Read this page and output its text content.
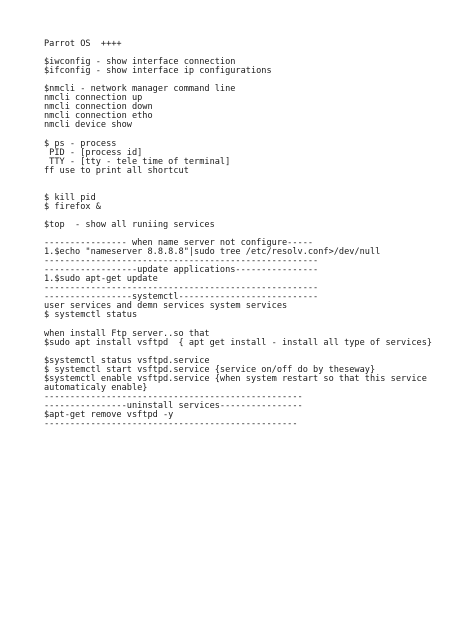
Parrot OS  ++++
$iwconfig - show interface connection
$ifconfig - show interface ip configurations
$nmcli - network manager command line
nmcli connection up
nmcli connection down
nmcli connection etho
nmcli device show
$ ps - process
PID - [process id]
TTY - [tty - tele time of terminal]
ff use to print all shortcut
$ kill pid
$ firefox &
$top  - show all runiing services
---------------- when name server not configure-----
1.$echo "nameserver 8.8.8.8"|sudo tree /etc/resolv.conf>/dev/null
-----------------------------------------------------
------------------update applications----------------
1.$sudo apt-get update
-----------------------------------------------------
-----------------systemctl---------------------------
user services and demn services system services
$ systemctl status
when install Ftp server..so that
$sudo apt install vsftpd  { apt get install - install all type of services}
$systemctl status vsftpd.service
$ systemctl start vsftpd.service {service on/off do by theseway}
$systemctl enable vsftpd.service {when system restart so that this service
automaticaly enable}
--------------------------------------------------
----------------uninstall services----------------
$apt-get remove vsftpd -y
-------------------------------------------------
